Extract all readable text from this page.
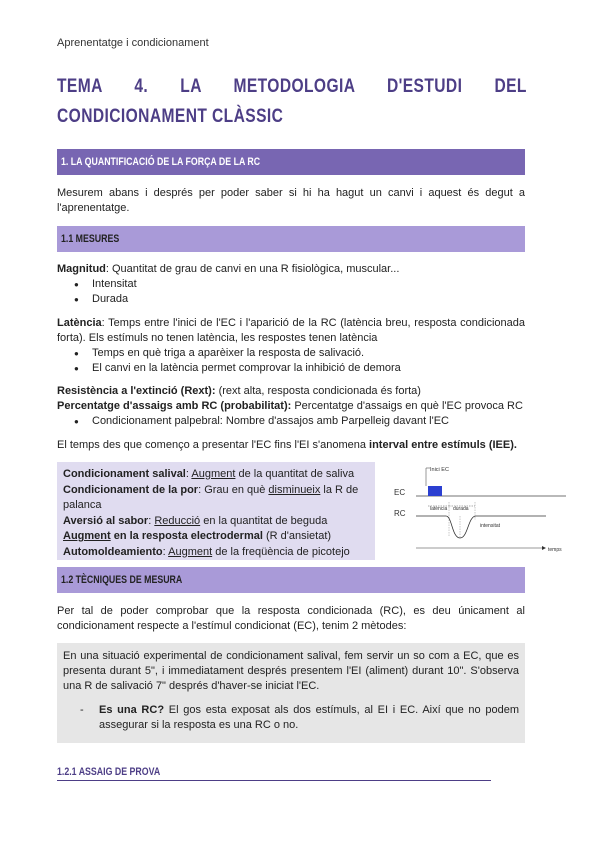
Aprenentatge i condicionament
TEMA 4. LA METODOLOGIA D'ESTUDI DEL CONDICIONAMENT CLÀSSIC
1. LA QUANTIFICACIÓ DE LA FORÇA DE LA RC
Mesurem abans i després per poder saber si hi ha hagut un canvi i aquest és degut a l'aprenentatge.
1.1 MESURES
Magnitud: Quantitat de grau de canvi en una R fisiològica, muscular...
● Intensitat
● Durada
Latència: Temps entre l'inici de l'EC i l'aparició de la RC (latència breu, resposta condicionada forta). Els estímuls no tenen latència, les respostes tenen latència
● Temps en què triga a aparèixer la resposta de salivació.
● El canvi en la latència permet comprovar la inhibició de demora
Resistència a l'extinció (Rext): (rext alta, resposta condicionada és forta)
Percentatge d'assaigs amb RC (probabilitat): Percentatge d'assaigs en què l'EC provoca RC
● Condicionament palpebral: Nombre d'assajos amb Parpelleig davant l'EC
El temps des que començo a presentar l'EC fins l'EI s'anomena interval entre estímuls (IEE).

Condicionament salival: Augment de la quantitat de saliva

Condicionament de la por: Grau en què disminueix la R de palanca

Aversió al sabor: Reducció en la quantitat de beguda

Augment en la resposta electrodermal (R d'ansietat)

Automoldeamiento: Augment de la freqüència de picotejo

Inici EC
EC
RC	latència durada
intensitat
temps
1.2 TÈCNIQUES DE MESURA
Per tal de poder comprobar que la resposta condicionada (RC), es deu únicament al condicionament respecte a l'estímul condicionat (EC), tenim 2 mètodes:
En una situació experimental de condicionament salival, fem servir un so com a EC, que es presenta durant 5", i immediatament després presentem l'EI (aliment) durant 10". S'observa una R de salivació 7" després d'haver-se iniciat l'EC.
- Es una RC? El gos esta exposat als dos estímuls, al EI i EC. Així que no podem assegurar si la resposta es una RC o no.
1.2.1 ASSAIG DE PROVA
